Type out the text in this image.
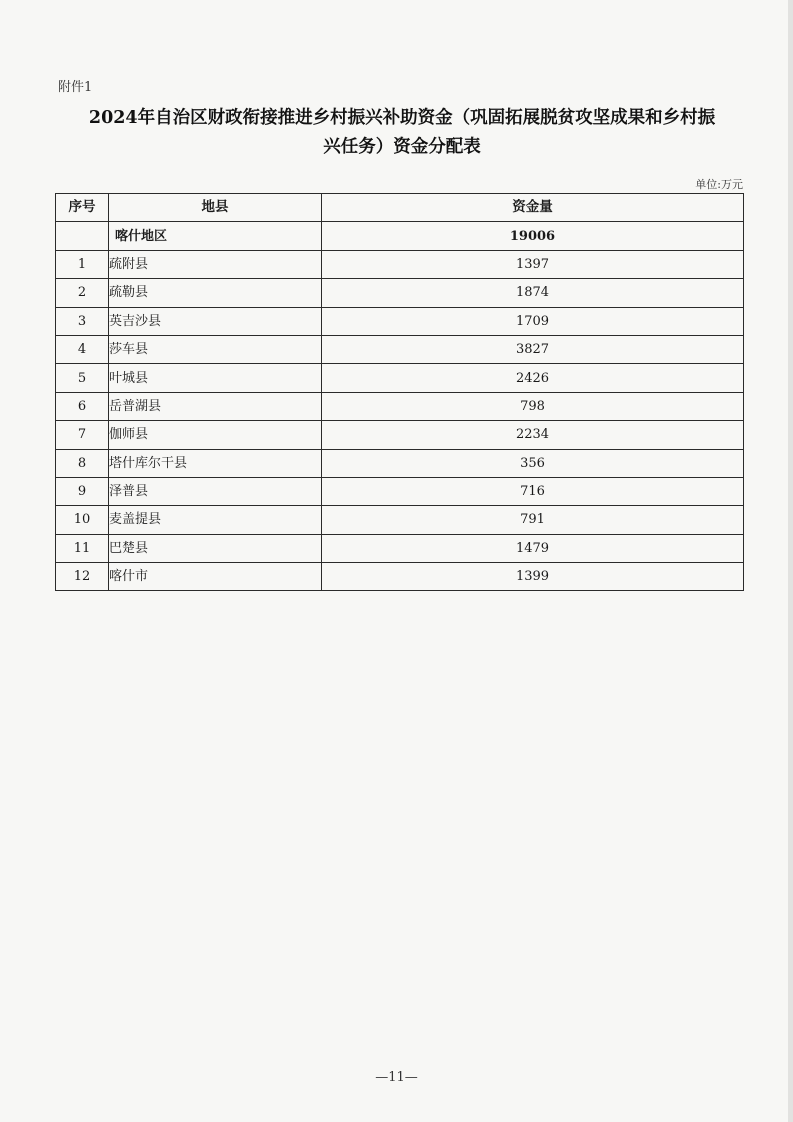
附件1
2024年自治区财政衔接推进乡村振兴补助资金（巩固拓展脱贫攻坚成果和乡村振
兴任务）资金分配表
单位:万元
序号	地县	资金量
	喀什地区	19006
1	疏附县	1397
2	疏勒县	1874
3	英吉沙县	1709
4	莎车县	3827
5	叶城县	2426
6	岳普湖县	798
7	伽师县	2234
8	塔什库尔干县	356
9	泽普县	716
10	麦盖提县	791
11	巴楚县	1479
12	喀什市	1399
—11—
